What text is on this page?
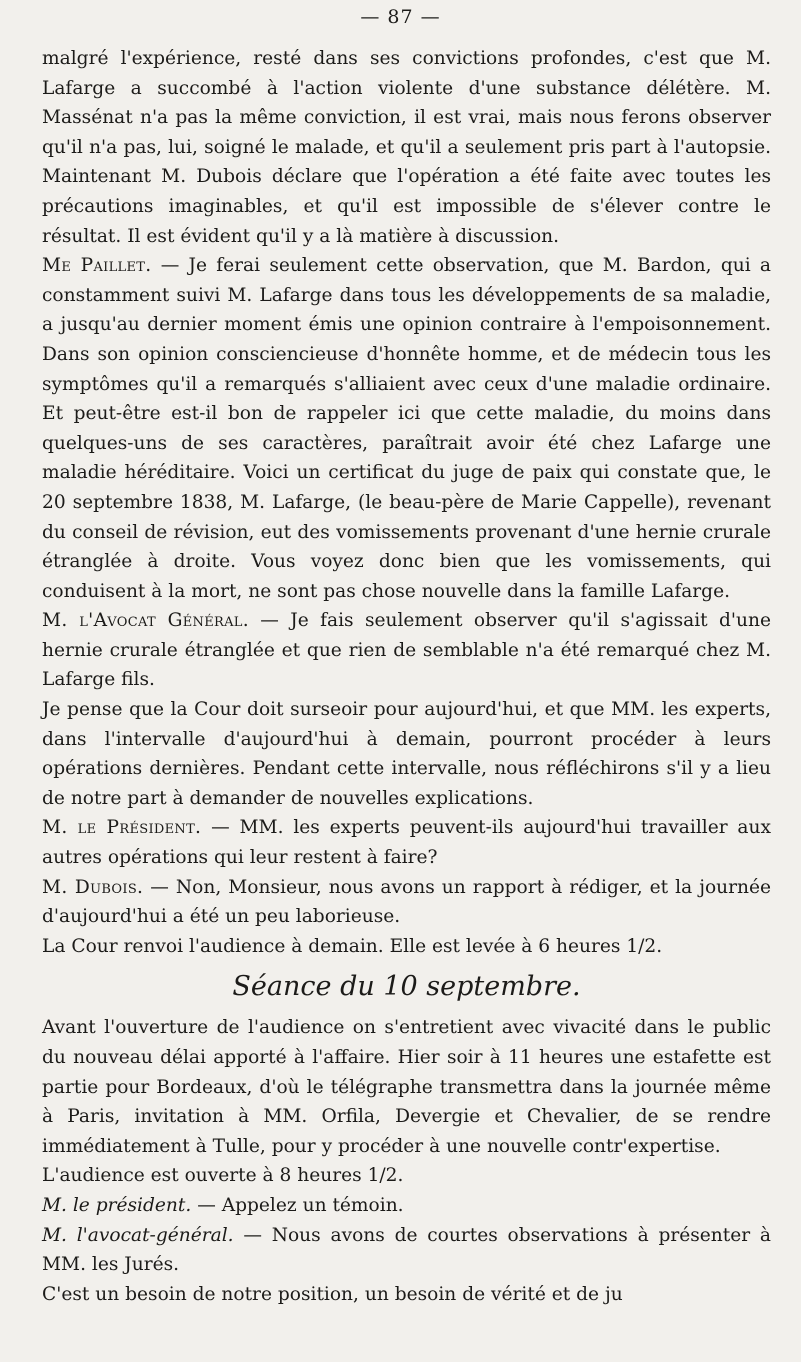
— 87 —

malgré l'expérience, resté dans ses convictions profondes, c'est que M. Lafarge a succombé à l'action violente d'une substance délétère. M. Massénat n'a pas la même conviction, il est vrai, mais nous ferons observer qu'il n'a pas, lui, soigné le malade, et qu'il a seulement pris part à l'autopsie. Maintenant M. Dubois déclare que l'opération a été faite avec toutes les précautions imaginables, et qu'il est impossible de s'élever contre le résultat. Il est évident qu'il y a là matière à discussion.

Me Paillet. — Je ferai seulement cette observation, que M. Bardon, qui a constamment suivi M. Lafarge dans tous les développements de sa maladie, a jusqu'au dernier moment émis une opinion contraire à l'empoisonnement. Dans son opinion consciencieuse d'honnête homme, et de médecin tous les symptômes qu'il a remarqués s'alliaient avec ceux d'une maladie ordinaire. Et peut-être est-il bon de rappeler ici que cette maladie, du moins dans quelques-uns de ses caractères, paraîtrait avoir été chez Lafarge une maladie héréditaire. Voici un certificat du juge de paix qui constate que, le 20 septembre 1838, M. Lafarge, (le beau-père de Marie Cappelle), revenant du conseil de révision, eut des vomissements provenant d'une hernie crurale étranglée à droite. Vous voyez donc bien que les vomissements, qui conduisent à la mort, ne sont pas chose nouvelle dans la famille Lafarge.

M. l'Avocat Général. — Je fais seulement observer qu'il s'agissait d'une hernie crurale étranglée et que rien de semblable n'a été remarqué chez M. Lafarge fils.

Je pense que la Cour doit surseoir pour aujourd'hui, et que MM. les experts, dans l'intervalle d'aujourd'hui à demain, pourront procéder à leurs opérations dernières. Pendant cette intervalle, nous réfléchirons s'il y a lieu de notre part à demander de nouvelles explications.

M. le Président. — MM. les experts peuvent-ils aujourd'hui travailler aux autres opérations qui leur restent à faire?

M. Dubois. — Non, Monsieur, nous avons un rapport à rédiger, et la journée d'aujourd'hui a été un peu laborieuse.

La Cour renvoi l'audience à demain. Elle est levée à 6 heures 1/2.

Séance du 10 septembre.

Avant l'ouverture de l'audience on s'entretient avec vivacité dans le public du nouveau délai apporté à l'affaire. Hier soir à 11 heures une estafette est partie pour Bordeaux, d'où le télégraphe transmettra dans la journée même à Paris, invitation à MM. Orfila, Devergie et Chevalier, de se rendre immédiatement à Tulle, pour y procéder à une nouvelle contr'expertise.

L'audience est ouverte à 8 heures 1/2.

M. le président. — Appelez un témoin.

M. l'avocat-général. — Nous avons de courtes observations à présenter à MM. les Jurés.

C'est un besoin de notre position, un besoin de vérité et de ju
